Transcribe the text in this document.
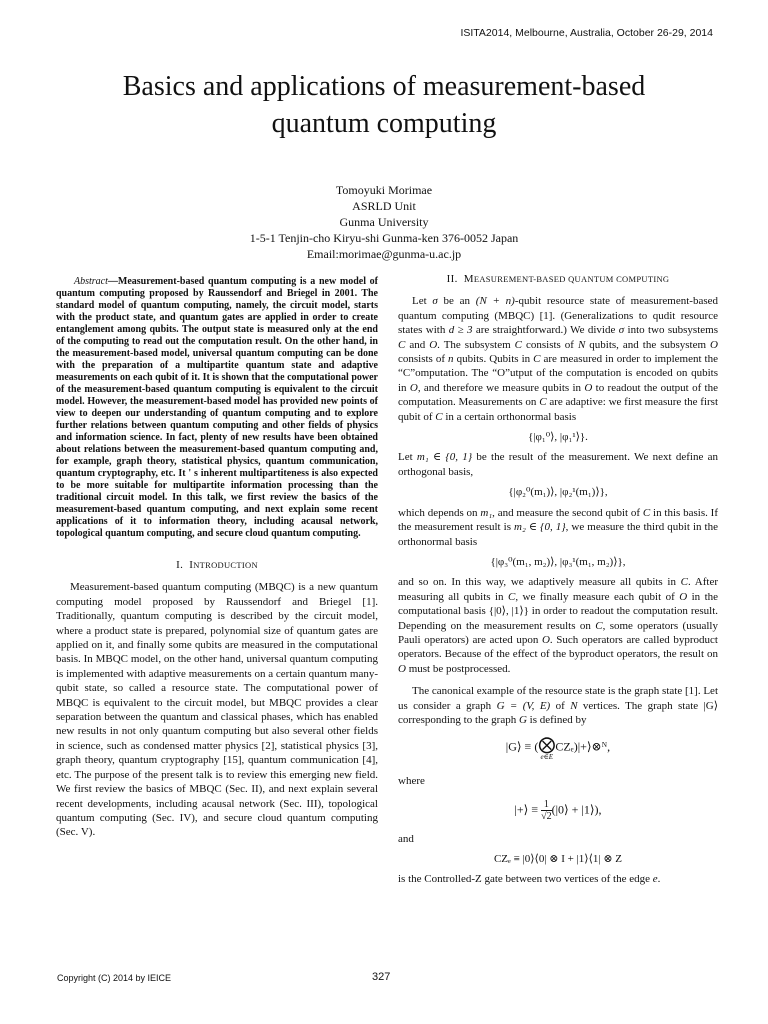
ISITA2014, Melbourne, Australia, October 26-29, 2014
Basics and applications of measurement-based
quantum computing
Tomoyuki Morimae
ASRLD Unit
Gunma University
1-5-1 Tenjin-cho Kiryu-shi Gunma-ken 376-0052 Japan
Email:morimae@gunma-u.ac.jp

Abstract—Measurement-based quantum computing is a new model of quantum computing proposed by Raussendorf and Briegel in 2001. The standard model of quantum computing, namely, the circuit model, starts with the product state, and quantum gates are applied in order to create entanglement among qubits. The output state is measured only at the end of the computing to read out the computation result. On the other hand, in the measurement-based model, universal quantum computing can be done with the preparation of a multipartite quantum state and adaptive measurements on each qubit of it. It is shown that the computational power of the measurement-based quantum computing is equivalent to the circuit model. However, the measurement-based model has provided new points of view to deepen our understanding of quantum computing and to explore further relations between quantum computing and other fields of physics and information science. In fact, plenty of new results have been obtained about relations between the measurement-based quantum computing and, for example, graph theory, statistical physics, quantum communication, quantum cryptography, etc. It ' s inherent multipartiteness is also expected to be more suitable for multipartite information processing than the traditional circuit model. In this talk, we first review the basics of the measurement-based quantum computing, and next explain some recent applications of it to information theory, including acausal network, topological quantum computing, and secure cloud quantum computing.

I. INTRODUCTION

Measurement-based quantum computing (MBQC) is a new quantum computing model proposed by Raussendorf and Briegel [1]. Traditionally, quantum computing is described by the circuit model, where a product state is prepared, polynomial size of quantum gates are applied on it, and finally some qubits are measured in the computational basis. In MBQC model, on the other hand, universal quantum computing is implemented with adaptive measurements on a certain quantum many-qubit state, so called a resource state. The computational power of MBQC is equivalent to the circuit model, but MBQC provides a clear separation between the quantum and classical phases, which has enabled new results in not only quantum computing but also several other fields in science, such as condensed matter physics [2], statistical physics [3], graph theory, quantum cryptography [15], quantum communication [4], etc. The purpose of the present talk is to review this emerging new field. We first review the basics of MBQC (Sec. II), and next explain several recent developments, including acausal network (Sec. III), topological quantum computing (Sec. IV), and secure cloud quantum computing (Sec. V).

II. MEASUREMENT-BASED QUANTUM COMPUTING

Let σ be an (N + n)-qubit resource state of measurement-based quantum computing (MBQC) [1]. (Generalizations to qudit resource states with d ≥ 3 are straightforward.) We divide σ into two subsystems C and O. The subsystem C consists of N qubits, and the subsystem O consists of n qubits. Qubits in C are measured in order to implement the “C”omputation. The “O”utput of the computation is encoded on qubits in O, and therefore we measure qubits in O to readout the output of the computation. Measurements on C are adaptive: we first measure the first qubit of C in a certain orthonormal basis

{|φ₁⁰⟩, |φ₁¹⟩}.

Let m₁ ∈ {0, 1} be the result of the measurement. We next define an orthogonal basis,

{|φ₂⁰(m₁)⟩, |φ₂¹(m₁)⟩},

which depends on m₁, and measure the second qubit of C in this basis. If the measurement result is m₂ ∈ {0, 1}, we measure the third qubit in the orthonormal basis

{|φ₃⁰(m₁, m₂)⟩, |φ₃¹(m₁, m₂)⟩},

and so on. In this way, we adaptively measure all qubits in C. After measuring all qubits in C, we finally measure each qubit of O in the computational basis {|0⟩, |1⟩} in order to readout the computation result. Depending on the measurement results on C, some operators (usually Pauli operators) are acted upon O. Such operators are called byproduct operators. Because of the effect of the byproduct operators, the result on O must be postprocessed.

The canonical example of the resource state is the graph state [1]. Let us consider a graph G = (V, E) of N vertices. The graph state |G⟩ corresponding to the graph G is defined by

|G⟩ ≡ (⨂
e∈E
CZₑ)|+⟩⊗ᴺ,

where

|+⟩ ≡ $\frac{1}{√2}$ (|0⟩ + |1⟩),

and

CZₑ ≡ |0⟩⟨0| ⊗ I + |1⟩⟨1| ⊗ Z

is the Controlled-Z gate between two vertices of the edge e.

Copyright (C) 2014 by IEICE	327
